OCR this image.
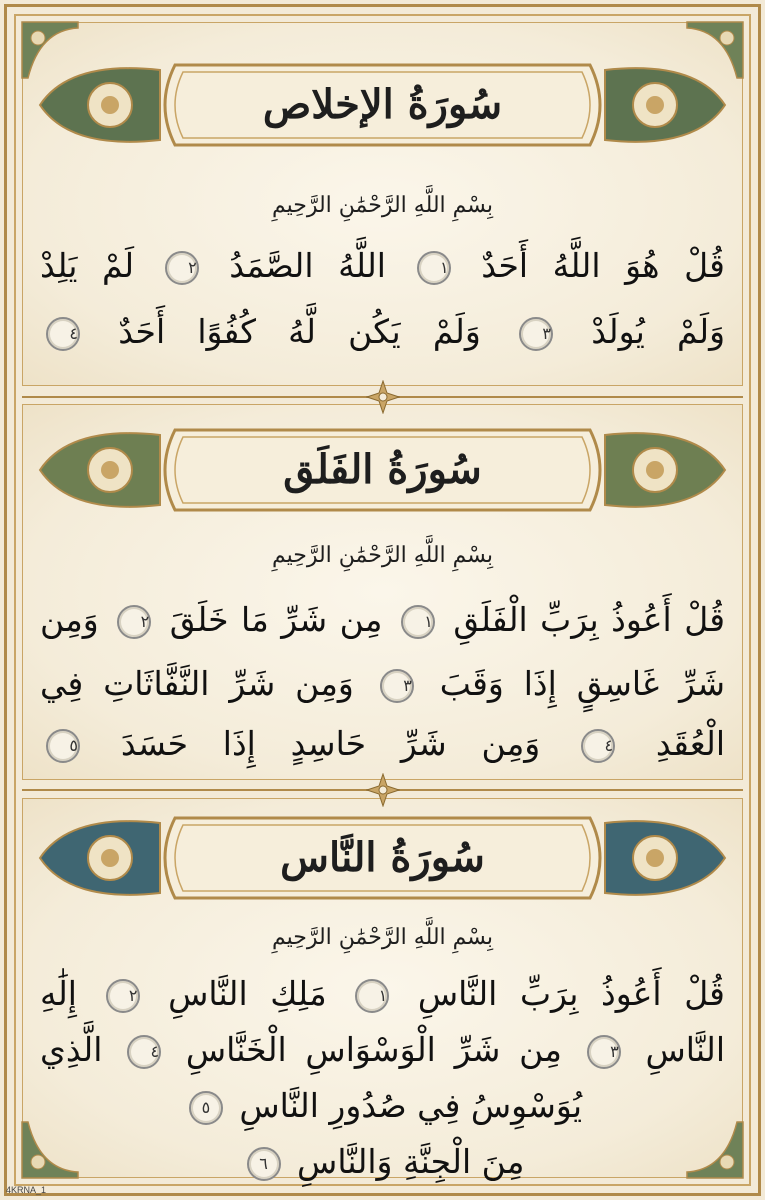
سُورَةُ الإخلاص
بِسْمِ اللَّهِ الرَّحْمَٰنِ الرَّحِيمِ
قُلْ هُوَ اللَّهُ أَحَدٌ ١ اللَّهُ الصَّمَدُ ٢ لَمْ يَلِدْ
وَلَمْ يُولَدْ ٣ وَلَمْ يَكُن لَّهُ كُفُوًا أَحَدٌ ٤
سُورَةُ الفَلَق
بِسْمِ اللَّهِ الرَّحْمَٰنِ الرَّحِيمِ
قُلْ أَعُوذُ بِرَبِّ الْفَلَقِ ١ مِن شَرِّ مَا خَلَقَ ٢ وَمِن
شَرِّ غَاسِقٍ إِذَا وَقَبَ ٣ وَمِن شَرِّ النَّفَّاثَاتِ فِي
الْعُقَدِ ٤ وَمِن شَرِّ حَاسِدٍ إِذَا حَسَدَ ٥
سُورَةُ النَّاس
بِسْمِ اللَّهِ الرَّحْمَٰنِ الرَّحِيمِ
قُلْ أَعُوذُ بِرَبِّ النَّاسِ ١ مَلِكِ النَّاسِ ٢ إِلَٰهِ
النَّاسِ ٣ مِن شَرِّ الْوَسْوَاسِ الْخَنَّاسِ ٤ الَّذِي
يُوَسْوِسُ فِي صُدُورِ النَّاسِ ٥
مِنَ الْجِنَّةِ وَالنَّاسِ ٦
4KRNA_1
